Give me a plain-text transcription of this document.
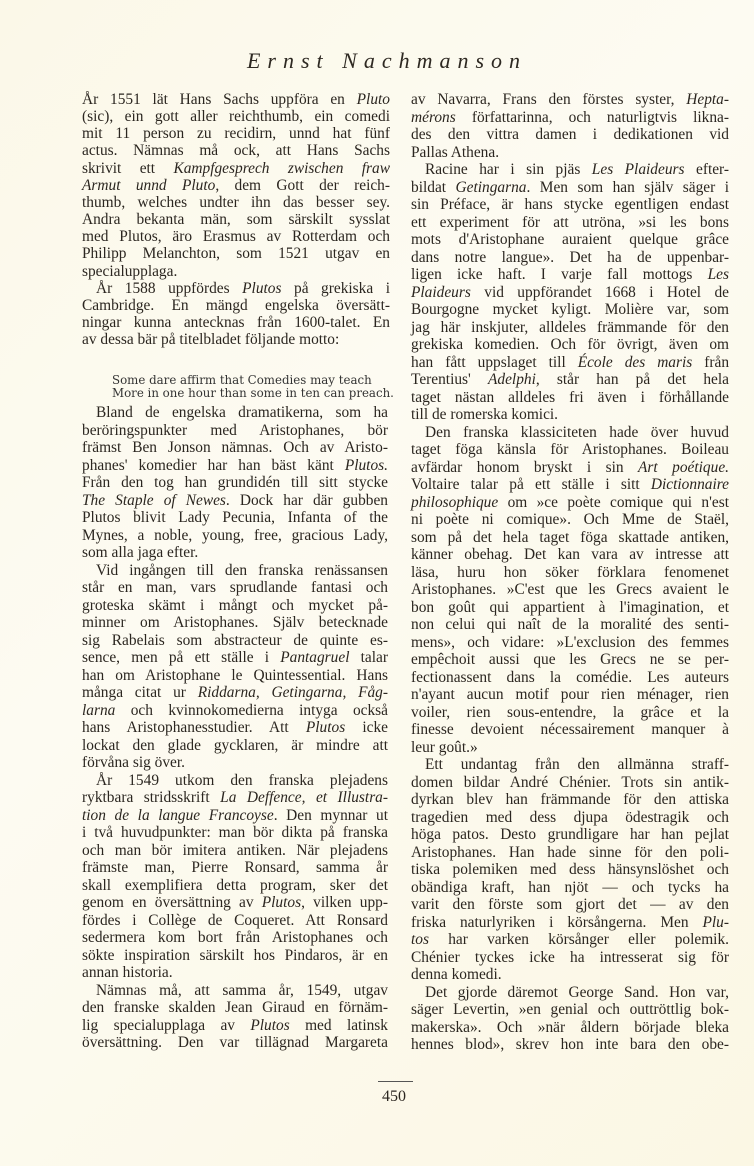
Ernst Nachmanson
År 1551 lät Hans Sachs uppföra en Pluto
(sic), ein gott aller reichthumb, ein comedi
mit 11 person zu recidirn, unnd hat fünf
actus. Nämnas må ock, att Hans Sachs
skrivit ett Kampfgesprech zwischen fraw
Armut unnd Pluto, dem Gott der reich-
thumb, welches undter ihn das besser sey.
Andra bekanta män, som särskilt sysslat
med Plutos, äro Erasmus av Rotterdam och
Philipp Melanchton, som 1521 utgav en
specialupplaga.
År 1588 uppfördes Plutos på grekiska i
Cambridge. En mängd engelska översätt-
ningar kunna antecknas från 1600-talet. En
av dessa bär på titelbladet följande motto:
Bland de engelska dramatikerna, som ha
beröringspunkter med Aristophanes, bör
främst Ben Jonson nämnas. Och av Aristo-
phanes' komedier har han bäst känt Plutos.
Från den tog han grundidén till sitt stycke
The Staple of Newes. Dock har där gubben
Plutos blivit Lady Pecunia, Infanta of the
Mynes, a noble, young, free, gracious Lady,
som alla jaga efter.
Vid ingången till den franska renässansen
står en man, vars sprudlande fantasi och
groteska skämt i mångt och mycket på-
minner om Aristophanes. Själv betecknade
sig Rabelais som abstracteur de quinte es-
sence, men på ett ställe i Pantagruel talar
han om Aristophane le Quintessential. Hans
många citat ur Riddarna, Getingarna, Fåg-
larna och kvinnokomedierna intyga också
hans Aristophanesstudier. Att Plutos icke
lockat den glade gycklaren, är mindre att
förvåna sig över.
År 1549 utkom den franska plejadens
ryktbara stridsskrift La Deffence, et Illustra-
tion de la langue Francoyse. Den mynnar ut
i två huvudpunkter: man bör dikta på franska
och man bör imitera antiken. När plejadens
främste man, Pierre Ronsard, samma år
skall exemplifiera detta program, sker det
genom en översättning av Plutos, vilken upp-
fördes i Collège de Coqueret. Att Ronsard
sedermera kom bort från Aristophanes och
sökte inspiration särskilt hos Pindaros, är en
annan historia.
Nämnas må, att samma år, 1549, utgav
den franske skalden Jean Giraud en förnäm-
lig specialupplaga av Plutos med latinsk
översättning. Den var tillägnad Margareta
Some dare affirm that Comedies may teach
More in one hour than some in ten can preach.
av Navarra, Frans den förstes syster, Hepta-
mérons författarinna, och naturligtvis likna-
des den vittra damen i dedikationen vid
Pallas Athena.
Racine har i sin pjäs Les Plaideurs efter-
bildat Getingarna. Men som han själv säger i
sin Préface, är hans stycke egentligen endast
ett experiment för att utröna, »si les bons
mots d'Aristophane auraient quelque grâce
dans notre langue». Det ha de uppenbar-
ligen icke haft. I varje fall mottogs Les
Plaideurs vid uppförandet 1668 i Hotel de
Bourgogne mycket kyligt. Molière var, som
jag här inskjuter, alldeles främmande för den
grekiska komedien. Och för övrigt, även om
han fått uppslaget till École des maris från
Terentius' Adelphi, står han på det hela
taget nästan alldeles fri även i förhållande
till de romerska komici.
Den franska klassiciteten hade över huvud
taget föga känsla för Aristophanes. Boileau
avfärdar honom bryskt i sin Art poétique.
Voltaire talar på ett ställe i sitt Dictionnaire
philosophique om »ce poète comique qui n'est
ni poète ni comique». Och Mme de Staël,
som på det hela taget föga skattade antiken,
känner obehag. Det kan vara av intresse att
läsa, huru hon söker förklara fenomenet
Aristophanes. »C'est que les Grecs avaient le
bon goût qui appartient à l'imagination, et
non celui qui naît de la moralité des senti-
mens», och vidare: »L'exclusion des femmes
empêchoit aussi que les Grecs ne se per-
fectionassent dans la comédie. Les auteurs
n'ayant aucun motif pour rien ménager, rien
voiler, rien sous-entendre, la grâce et la
finesse devoient nécessairement manquer à
leur goût.»
Ett undantag från den allmänna straff-
domen bildar André Chénier. Trots sin antik-
dyrkan blev han främmande för den attiska
tragedien med dess djupa ödestragik och
höga patos. Desto grundligare har han pejlat
Aristophanes. Han hade sinne för den poli-
tiska polemiken med dess hänsynslöshet och
obändiga kraft, han njöt — och tycks ha
varit den förste som gjort det — av den
friska naturlyriken i körsångerna. Men Plu-
tos har varken körsånger eller polemik.
Chénier tyckes icke ha intresserat sig för
denna komedi.
Det gjorde däremot George Sand. Hon var,
säger Levertin, »en genial och outtröttlig bok-
makerska». Och »när åldern började bleka
hennes blod», skrev hon inte bara den obe-
450
